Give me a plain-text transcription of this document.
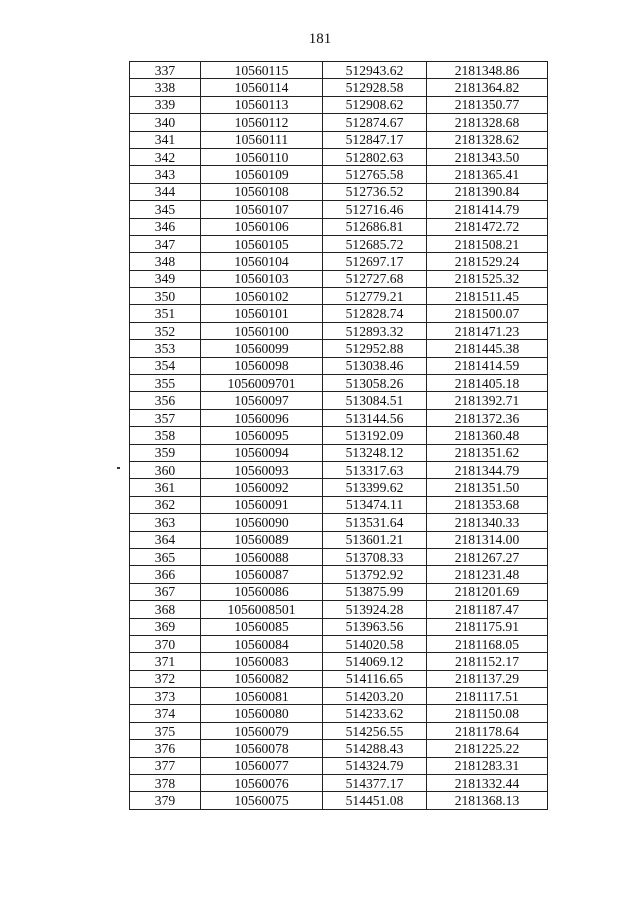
181
337	10560115	512943.62	2181348.86
338	10560114	512928.58	2181364.82
339	10560113	512908.62	2181350.77
340	10560112	512874.67	2181328.68
341	10560111	512847.17	2181328.62
342	10560110	512802.63	2181343.50
343	10560109	512765.58	2181365.41
344	10560108	512736.52	2181390.84
345	10560107	512716.46	2181414.79
346	10560106	512686.81	2181472.72
347	10560105	512685.72	2181508.21
348	10560104	512697.17	2181529.24
349	10560103	512727.68	2181525.32
350	10560102	512779.21	2181511.45
351	10560101	512828.74	2181500.07
352	10560100	512893.32	2181471.23
353	10560099	512952.88	2181445.38
354	10560098	513038.46	2181414.59
355	1056009701	513058.26	2181405.18
356	10560097	513084.51	2181392.71
357	10560096	513144.56	2181372.36
358	10560095	513192.09	2181360.48
359	10560094	513248.12	2181351.62
360	10560093	513317.63	2181344.79
361	10560092	513399.62	2181351.50
362	10560091	513474.11	2181353.68
363	10560090	513531.64	2181340.33
364	10560089	513601.21	2181314.00
365	10560088	513708.33	2181267.27
366	10560087	513792.92	2181231.48
367	10560086	513875.99	2181201.69
368	1056008501	513924.28	2181187.47
369	10560085	513963.56	2181175.91
370	10560084	514020.58	2181168.05
371	10560083	514069.12	2181152.17
372	10560082	514116.65	2181137.29
373	10560081	514203.20	2181117.51
374	10560080	514233.62	2181150.08
375	10560079	514256.55	2181178.64
376	10560078	514288.43	2181225.22
377	10560077	514324.79	2181283.31
378	10560076	514377.17	2181332.44
379	10560075	514451.08	2181368.13
